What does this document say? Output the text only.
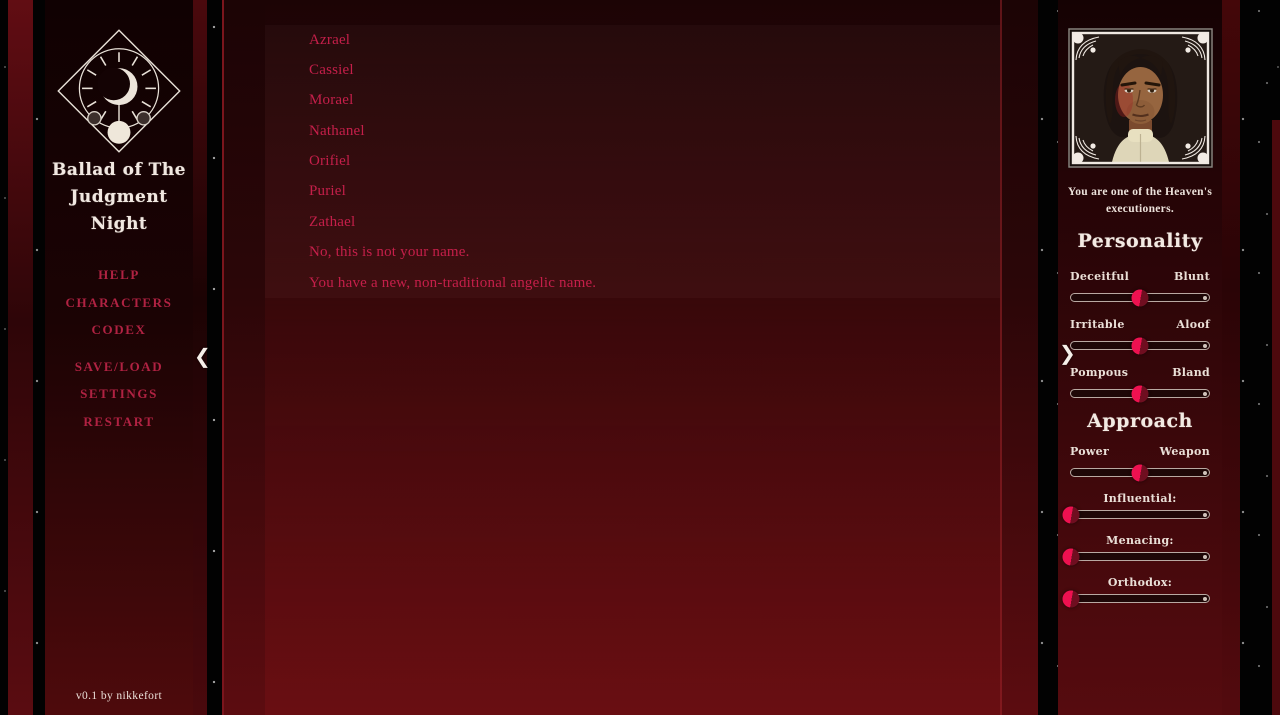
Ballad of The
Judgment Night
HELP
CHARACTERS
CODEX
SAVE/LOAD
SETTINGS
RESTART
v0.1 by nikkefort
❮

Azrael
Cassiel
Morael
Nathanel
Orifiel
Puriel
Zathael
No, this is not your name.
You have a new, non-traditional angelic name.
You are one of the Heaven's
executioners.
Personality
Deceitful	Blunt
Irritable	Aloof
Pompous	Bland
Approach
Power	Weapon
Influential:
Menacing:
Orthodox:
❯
